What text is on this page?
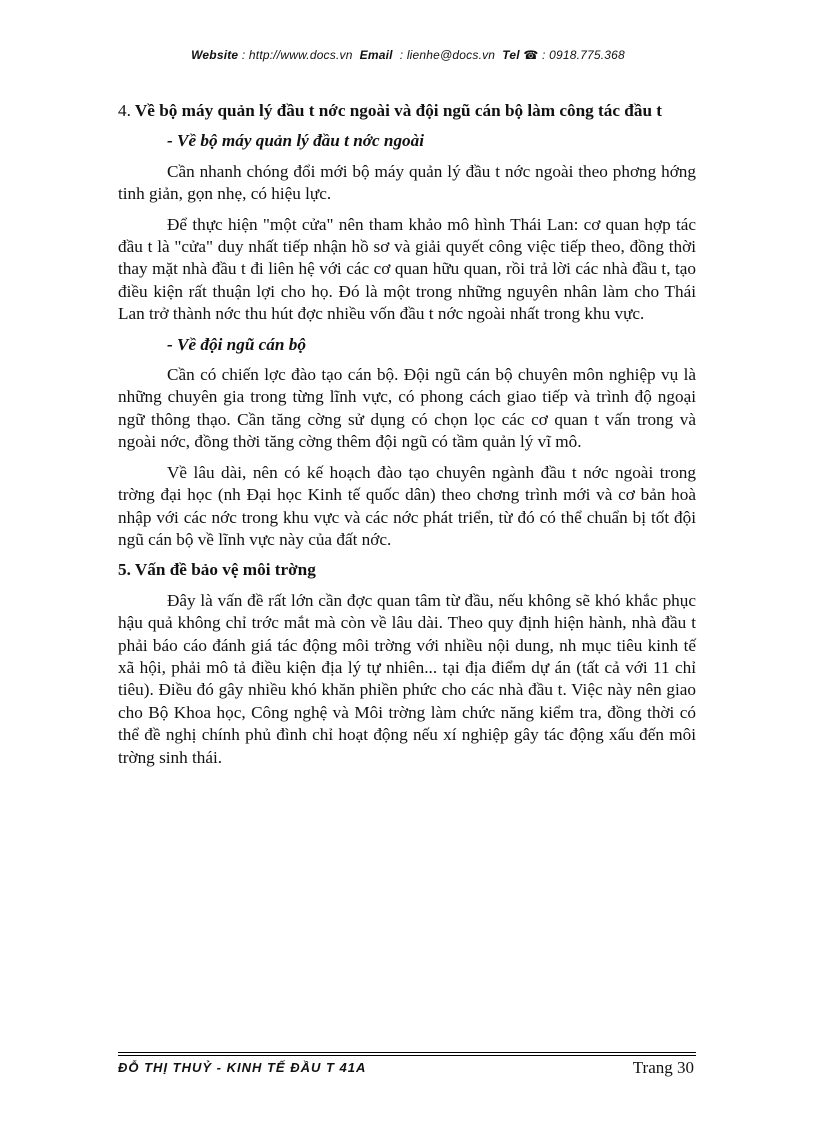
Website : http://www.docs.vn Email : lienhe@docs.vn Tel ☎ : 0918.775.368

4. Về bộ máy quản lý đầu t nớc ngoài và đội ngũ cán bộ làm công tác đầu t

- Về bộ máy quản lý đầu t nớc ngoài

Cần nhanh chóng đổi mới bộ máy quản lý đầu t nớc ngoài theo phơng hớng tinh giản, gọn nhẹ, có hiệu lực.

Để thực hiện "một cửa" nên tham khảo mô hình Thái Lan: cơ quan hợp tác đầu t là "cửa" duy nhất tiếp nhận hồ sơ và giải quyết công việc tiếp theo, đồng thời thay mặt nhà đầu t đi liên hệ với các cơ quan hữu quan, rồi trả lời các nhà đầu t, tạo điều kiện rất thuận lợi cho họ. Đó là một trong những nguyên nhân làm cho Thái Lan trở thành nớc thu hút đợc nhiều vốn đầu t nớc ngoài nhất trong khu vực.

- Về đội ngũ cán bộ

Cần có chiến lợc đào tạo cán bộ. Đội ngũ cán bộ chuyên môn nghiệp vụ là những chuyên gia trong từng lĩnh vực, có phong cách giao tiếp và trình độ ngoại ngữ thông thạo. Cần tăng cờng sử dụng có chọn lọc các cơ quan t vấn trong và ngoài nớc, đồng thời tăng cờng thêm đội ngũ có tầm quản lý vĩ mô.

Về lâu dài, nên có kế hoạch đào tạo chuyên ngành đầu t nớc ngoài trong trờng đại học (nh Đại học Kinh tế quốc dân) theo chơng trình mới và cơ bản hoà nhập với các nớc trong khu vực và các nớc phát triển, từ đó có thể chuẩn bị tốt đội ngũ cán bộ về lĩnh vực này của đất nớc.

5. Vấn đề bảo vệ môi trờng

Đây là vấn đề rất lớn cần đợc quan tâm từ đầu, nếu không sẽ khó khắc phục hậu quả không chỉ trớc mắt mà còn về lâu dài. Theo quy định hiện hành, nhà đầu t phải báo cáo đánh giá tác động môi trờng với nhiều nội dung, nh mục tiêu kinh tế xã hội, phải mô tả điều kiện địa lý tự nhiên... tại địa điểm dự án (tất cả với 11 chỉ tiêu). Điều đó gây nhiều khó khăn phiền phức cho các nhà đầu t. Việc này nên giao cho Bộ Khoa học, Công nghệ và Môi trờng làm chức năng kiểm tra, đồng thời có thể đề nghị chính phủ đình chỉ hoạt động nếu xí nghiệp gây tác động xấu đến môi trờng sinh thái.

ĐỖ THỊ THUỶ - KINH TẾ ĐẦU T 41A	Trang 30
